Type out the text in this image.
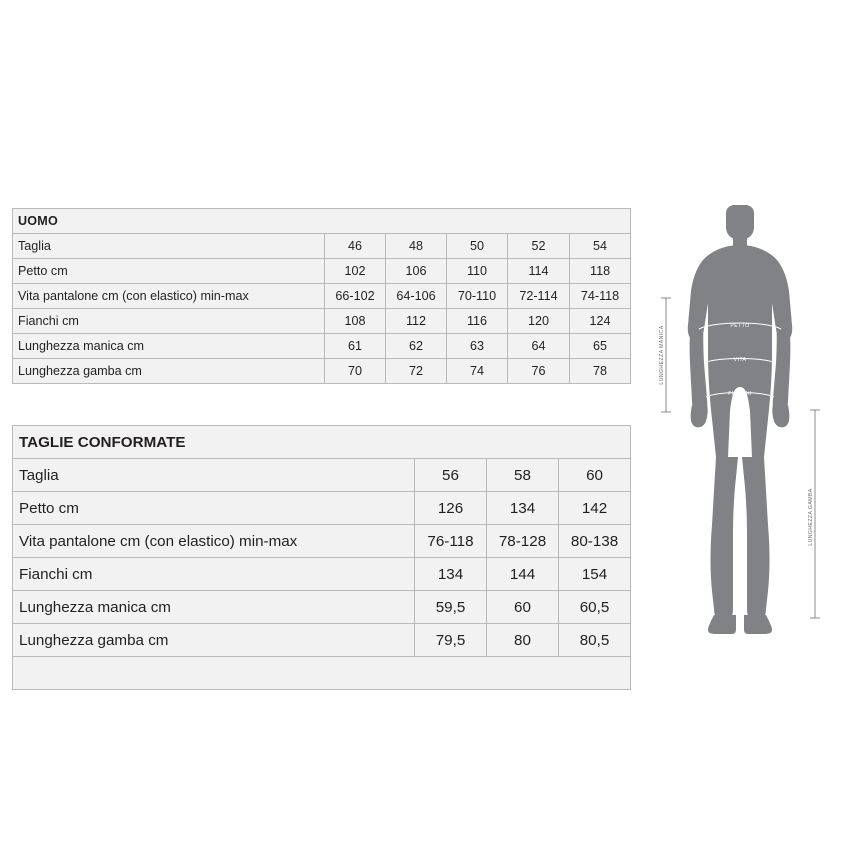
UOMO					
Taglia	46	48	50	52	54
Petto cm	102	106	110	114	118
Vita pantalone cm (con elastico) min-max	66-102	64-106	70-110	72-114	74-118
Fianchi cm	108	112	116	120	124
Lunghezza manica cm	61	62	63	64	65
Lunghezza gamba cm	70	72	74	76	78
TAGLIE CONFORMATE			
Taglia	56	58	60
Petto cm	126	134	142
Vita pantalone cm (con elastico) min-max	76-118	78-128	80-138
Fianchi cm	134	144	154
Lunghezza manica cm	59,5	60	60,5
Lunghezza gamba cm	79,5	80	80,5

PETTO
VITA
FIANCHI
LUNGHEZZA MANICA
LUNGHEZZA GAMBA
